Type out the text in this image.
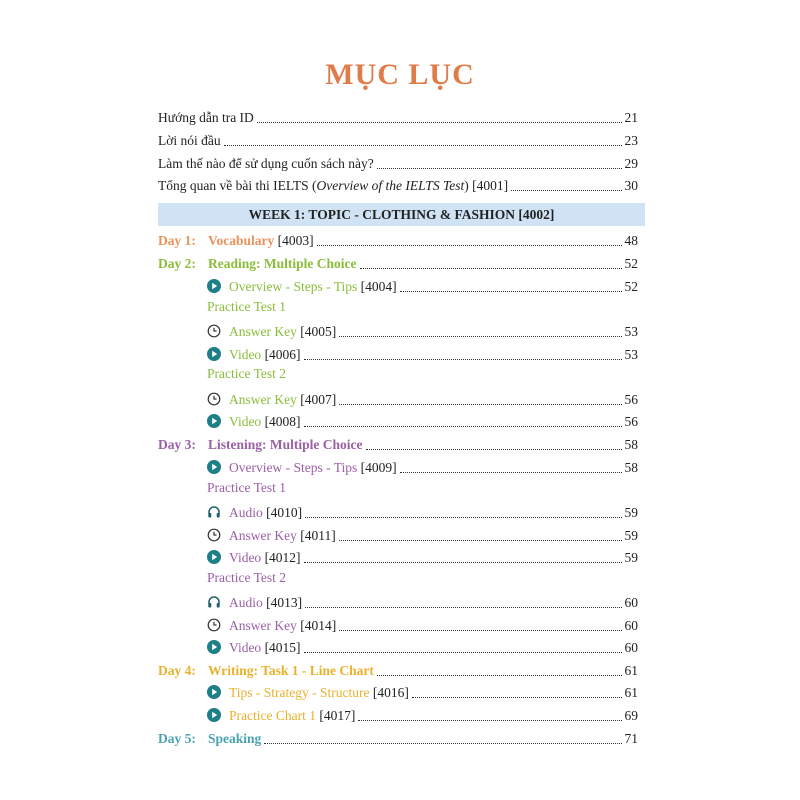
MỤC LỤC
Hướng dẫn tra ID	21
Lời nói đầu	23
Làm thế nào để sử dụng cuốn sách này?	29
Tổng quan về bài thi IELTS (Overview of the IELTS Test) [4001]	30
WEEK 1: TOPIC - CLOTHING & FASHION [4002]
Day 1: Vocabulary [4003]	48
Day 2: Reading: Multiple Choice	52
Overview - Steps - Tips [4004]	52
Practice Test 1
Answer Key [4005]	53
Video [4006]	53
Practice Test 2
Answer Key [4007]	56
Video [4008]	56
Day 3: Listening: Multiple Choice	58
Overview - Steps - Tips [4009]	58
Practice Test 1
Audio [4010]	59
Answer Key [4011]	59
Video [4012]	59
Practice Test 2
Audio [4013]	60
Answer Key [4014]	60
Video [4015]	60
Day 4: Writing: Task 1 - Line Chart	61
Tips - Strategy - Structure [4016]	61
Practice Chart 1 [4017]	69
Day 5: Speaking	71
